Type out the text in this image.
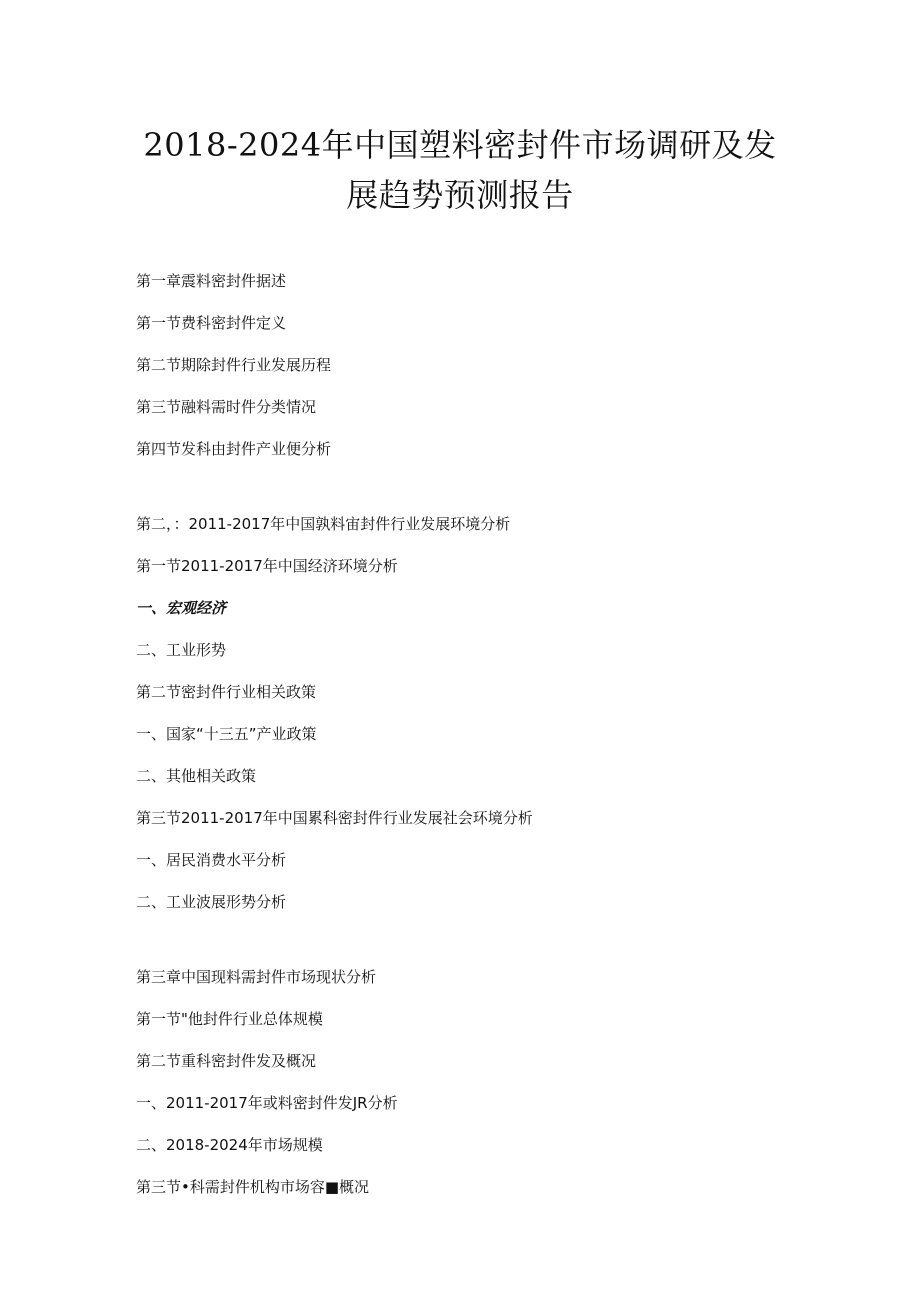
2018-2024年中国塑料密封件市场调研及发
展趋势预测报告
第一章震料密封件据述
第一节费科密封件定义
第二节期除封件行业发展历程
第三节融料需时件分类情况
第四节发科由封件产业便分析
第二，：2011-2017年中国孰料宙封件行业发展环境分析
第一节2011-2017年中国经济环境分析
一、宏观经济
二、工业形势
第二节密封件行业相关政策
一、国家“十三五”产业政策
二、其他相关政策
第三节2011-2017年中国累科密封件行业发展社会环境分析
一、居民消费水平分析
二、工业波展形势分析
第三章中国现料需封件市场现状分析
第一节"他封件行业总体规模
第二节重科密封件发及概况
一、2011-2017年或料密封件发JR分析
二、2018-2024年市场规模
第三节•科需封件机构市场容■概况
